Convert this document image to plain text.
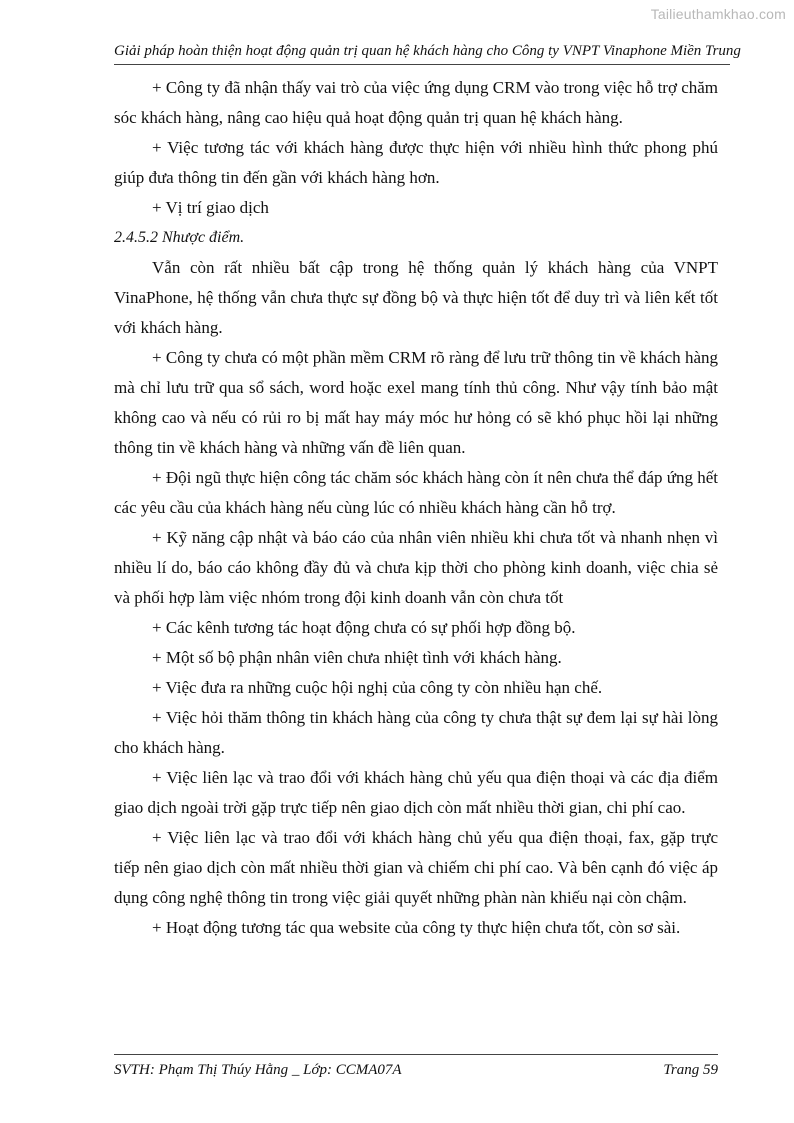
Tailieuthamkhao.com
Giải pháp hoàn thiện hoạt động quản trị quan hệ khách hàng cho Công ty VNPT Vinaphone Miền Trung

+ Công ty đã nhận thấy vai trò của việc ứng dụng CRM vào trong việc hỗ trợ chăm sóc khách hàng, nâng cao hiệu quả hoạt động quản trị quan hệ khách hàng.

+ Việc tương tác với khách hàng được thực hiện với nhiều hình thức phong phú giúp đưa thông tin đến gần với khách hàng hơn.

+ Vị trí giao dịch

2.4.5.2 Nhược điểm.

Vẫn còn rất nhiều bất cập trong hệ thống quản lý khách hàng của VNPT VinaPhone, hệ thống vẫn chưa thực sự đồng bộ và thực hiện tốt để duy trì và liên kết tốt với khách hàng.

+ Công ty chưa có một phần mềm CRM rõ ràng để lưu trữ thông tin về khách hàng mà chỉ lưu trữ qua sổ sách, word hoặc exel mang tính thủ công. Như vậy tính bảo mật không cao và nếu có rủi ro bị mất hay máy móc hư hỏng có sẽ khó phục hồi lại những thông tin về khách hàng và những vấn đề liên quan.

+ Đội ngũ thực hiện công tác chăm sóc khách hàng còn ít nên chưa thể đáp ứng hết các yêu cầu của khách hàng nếu cùng lúc có nhiều khách hàng cần hỗ trợ.

+ Kỹ năng cập nhật và báo cáo của nhân viên nhiều khi chưa tốt và nhanh nhẹn vì nhiều lí do, báo cáo không đầy đủ và chưa kịp thời cho phòng kinh doanh, việc chia sẻ và phối hợp làm việc nhóm trong đội kinh doanh vẫn còn chưa tốt

+ Các kênh tương tác hoạt động chưa có sự phối hợp đồng bộ.

+ Một số bộ phận nhân viên chưa nhiệt tình với khách hàng.

+ Việc đưa ra những cuộc hội nghị của công ty còn nhiều hạn chế.

+ Việc hỏi thăm thông tin khách hàng của công ty chưa thật sự đem lại sự hài lòng cho khách hàng.

+ Việc liên lạc và trao đổi với khách hàng chủ yếu qua điện thoại và các địa điểm giao dịch ngoài trời gặp trực tiếp nên giao dịch còn mất nhiều thời gian, chi phí cao.

+ Việc liên lạc và trao đổi với khách hàng chủ yếu qua điện thoại, fax, gặp trực tiếp nên giao dịch còn mất nhiều thời gian và chiếm chi phí cao. Và bên cạnh đó việc áp dụng công nghệ thông tin trong việc giải quyết những phàn nàn khiếu nại còn chậm.

+ Hoạt động tương tác qua website của công ty thực hiện chưa tốt, còn sơ sài.

SVTH: Phạm Thị Thúy Hằng _ Lớp: CCMA07A	Trang 59
